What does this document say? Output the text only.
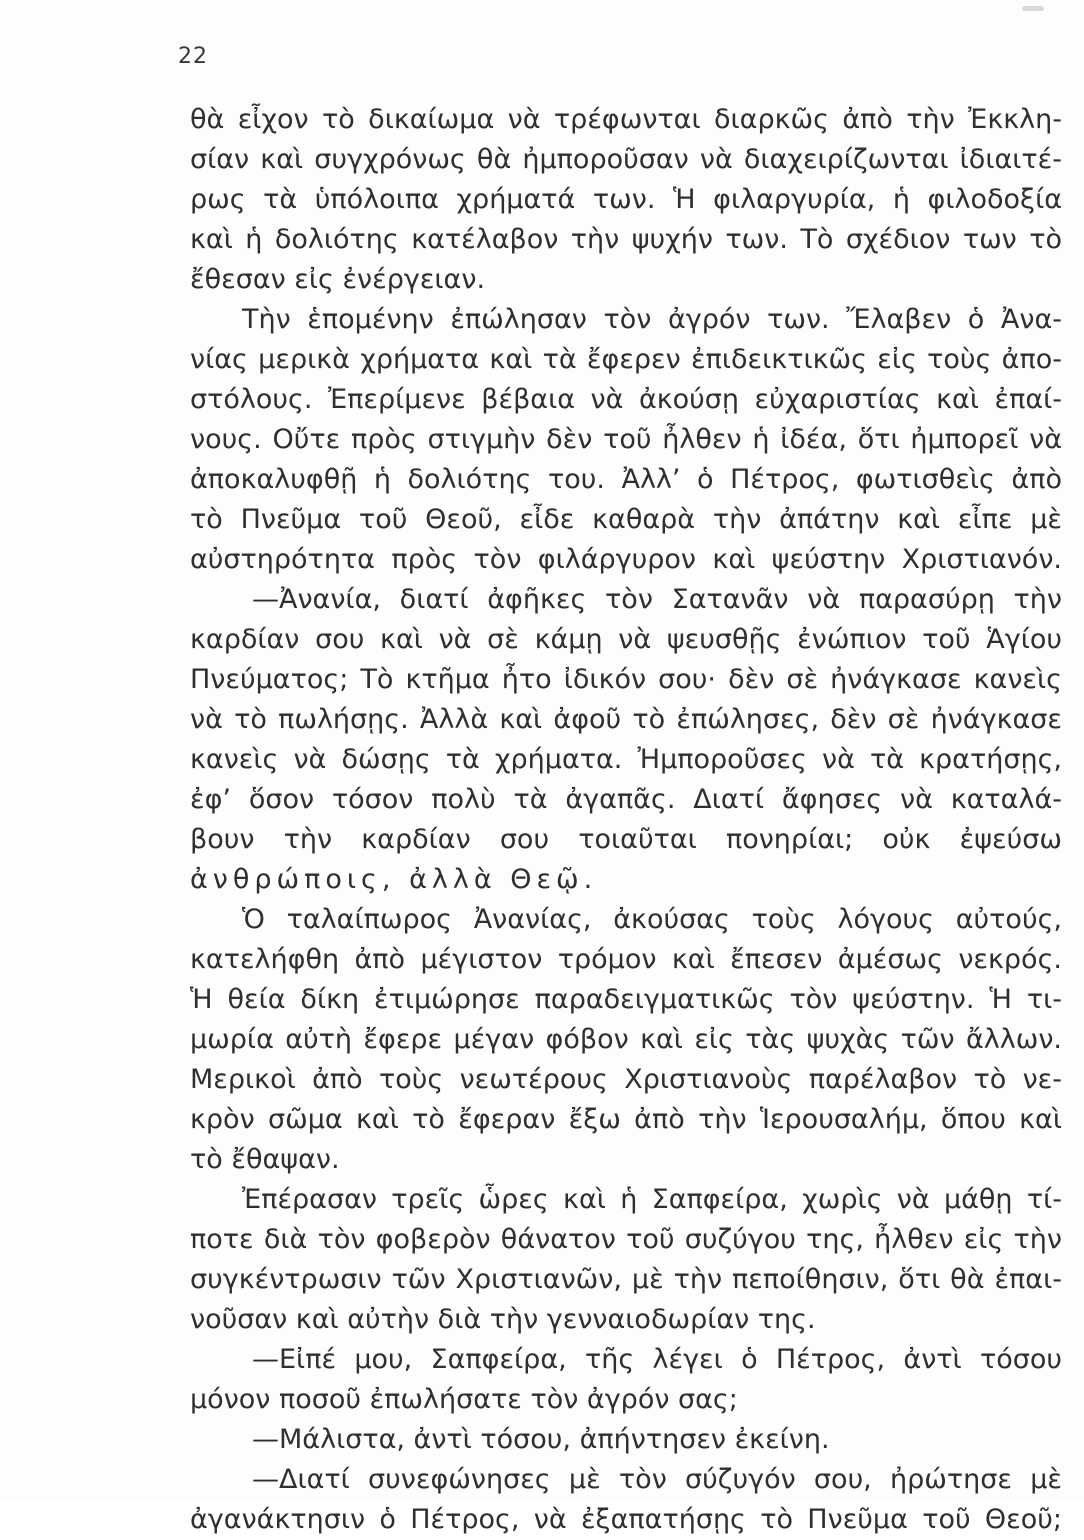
22
θὰ εἶχον τὸ δικαίωμα νὰ τρέφωνται διαρκῶς ἀπὸ τὴν Ἐκκλη-
σίαν καὶ συγχρόνως θὰ ἠμποροῦσαν νὰ διαχειρίζωνται ἰδιαιτέ-
ρως τὰ ὑπόλοιπα χρήματά των. Ἡ φιλαργυρία, ἡ φιλοδοξία
καὶ ἡ δολιότης κατέλαβον τὴν ψυχήν των. Τὸ σχέδιον των τὸ
ἔθεσαν εἰς ἐνέργειαν.
Τὴν ἑπομένην ἐπώλησαν τὸν ἀγρόν των. Ἔλαβεν ὁ Ἀνα-
νίας μερικὰ χρήματα καὶ τὰ ἔφερεν ἐπιδεικτικῶς εἰς τοὺς ἀπο-
στόλους. Ἐπερίμενε βέβαια νὰ ἀκούσῃ εὐχαριστίας καὶ ἐπαί-
νους. Οὔτε πρὸς στιγμὴν δὲν τοῦ ἦλθεν ἡ ἰδέα, ὅτι ἠμπορεῖ νὰ
ἀποκαλυφθῇ ἡ δολιότης του. Ἀλλ’ ὁ Πέτρος, φωτισθεὶς ἀπὸ
τὸ Πνεῦμα τοῦ Θεοῦ, εἶδε καθαρὰ τὴν ἀπάτην καὶ εἶπε μὲ
αὐστηρότητα πρὸς τὸν φιλάργυρον καὶ ψεύστην Χριστιανόν.
—Ἀνανία, διατί ἀφῆκες τὸν Σατανᾶν νὰ παρασύρῃ τὴν
καρδίαν σου καὶ νὰ σὲ κάμῃ νὰ ψευσθῇς ἐνώπιον τοῦ Ἁγίου
Πνεύματος; Τὸ κτῆμα ἦτο ἰδικόν σου· δὲν σὲ ἠνάγκασε κανεὶς
νὰ τὸ πωλήσῃς. Ἀλλὰ καὶ ἀφοῦ τὸ ἐπώλησες, δὲν σὲ ἠνάγκασε
κανεὶς νὰ δώσῃς τὰ χρήματα. Ἠμποροῦσες νὰ τὰ κρατήσῃς,
ἐφ’ ὅσον τόσον πολὺ τὰ ἀγαπᾶς. Διατί ἄφησες νὰ καταλά-
βουν τὴν καρδίαν σου τοιαῦται πονηρίαι; οὐκ ἐψεύσω
ἀνθρώποις, ἀλλὰ Θεῷ.
Ὁ ταλαίπωρος Ἀνανίας, ἀκούσας τοὺς λόγους αὐτούς,
κατελήφθη ἀπὸ μέγιστον τρόμον καὶ ἔπεσεν ἀμέσως νεκρός.
Ἡ θεία δίκη ἐτιμώρησε παραδειγματικῶς τὸν ψεύστην. Ἡ τι-
μωρία αὐτὴ ἔφερε μέγαν φόβον καὶ εἰς τὰς ψυχὰς τῶν ἄλλων.
Μερικοὶ ἀπὸ τοὺς νεωτέρους Χριστιανοὺς παρέλαβον τὸ νε-
κρὸν σῶμα καὶ τὸ ἔφεραν ἔξω ἀπὸ τὴν Ἱερουσαλήμ, ὅπου καὶ
τὸ ἔθαψαν.
Ἐπέρασαν τρεῖς ὧρες καὶ ἡ Σαπφείρα, χωρὶς νὰ μάθῃ τί-
ποτε διὰ τὸν φοβερὸν θάνατον τοῦ συζύγου της, ἦλθεν εἰς τὴν
συγκέντρωσιν τῶν Χριστιανῶν, μὲ τὴν πεποίθησιν, ὅτι θὰ ἐπαι-
νοῦσαν καὶ αὐτὴν διὰ τὴν γενναιοδωρίαν της.
—Εἰπέ μου, Σαπφείρα, τῆς λέγει ὁ Πέτρος, ἀντὶ τόσου
μόνον ποσοῦ ἐπωλήσατε τὸν ἀγρόν σας;
—Μάλιστα, ἀντὶ τόσου, ἀπήντησεν ἐκείνη.
—Διατί συνεφώνησες μὲ τὸν σύζυγόν σου, ἠρώτησε μὲ
ἀγανάκτησιν ὁ Πέτρος, νὰ ἐξαπατήσῃς τὸ Πνεῦμα τοῦ Θεοῦ;
